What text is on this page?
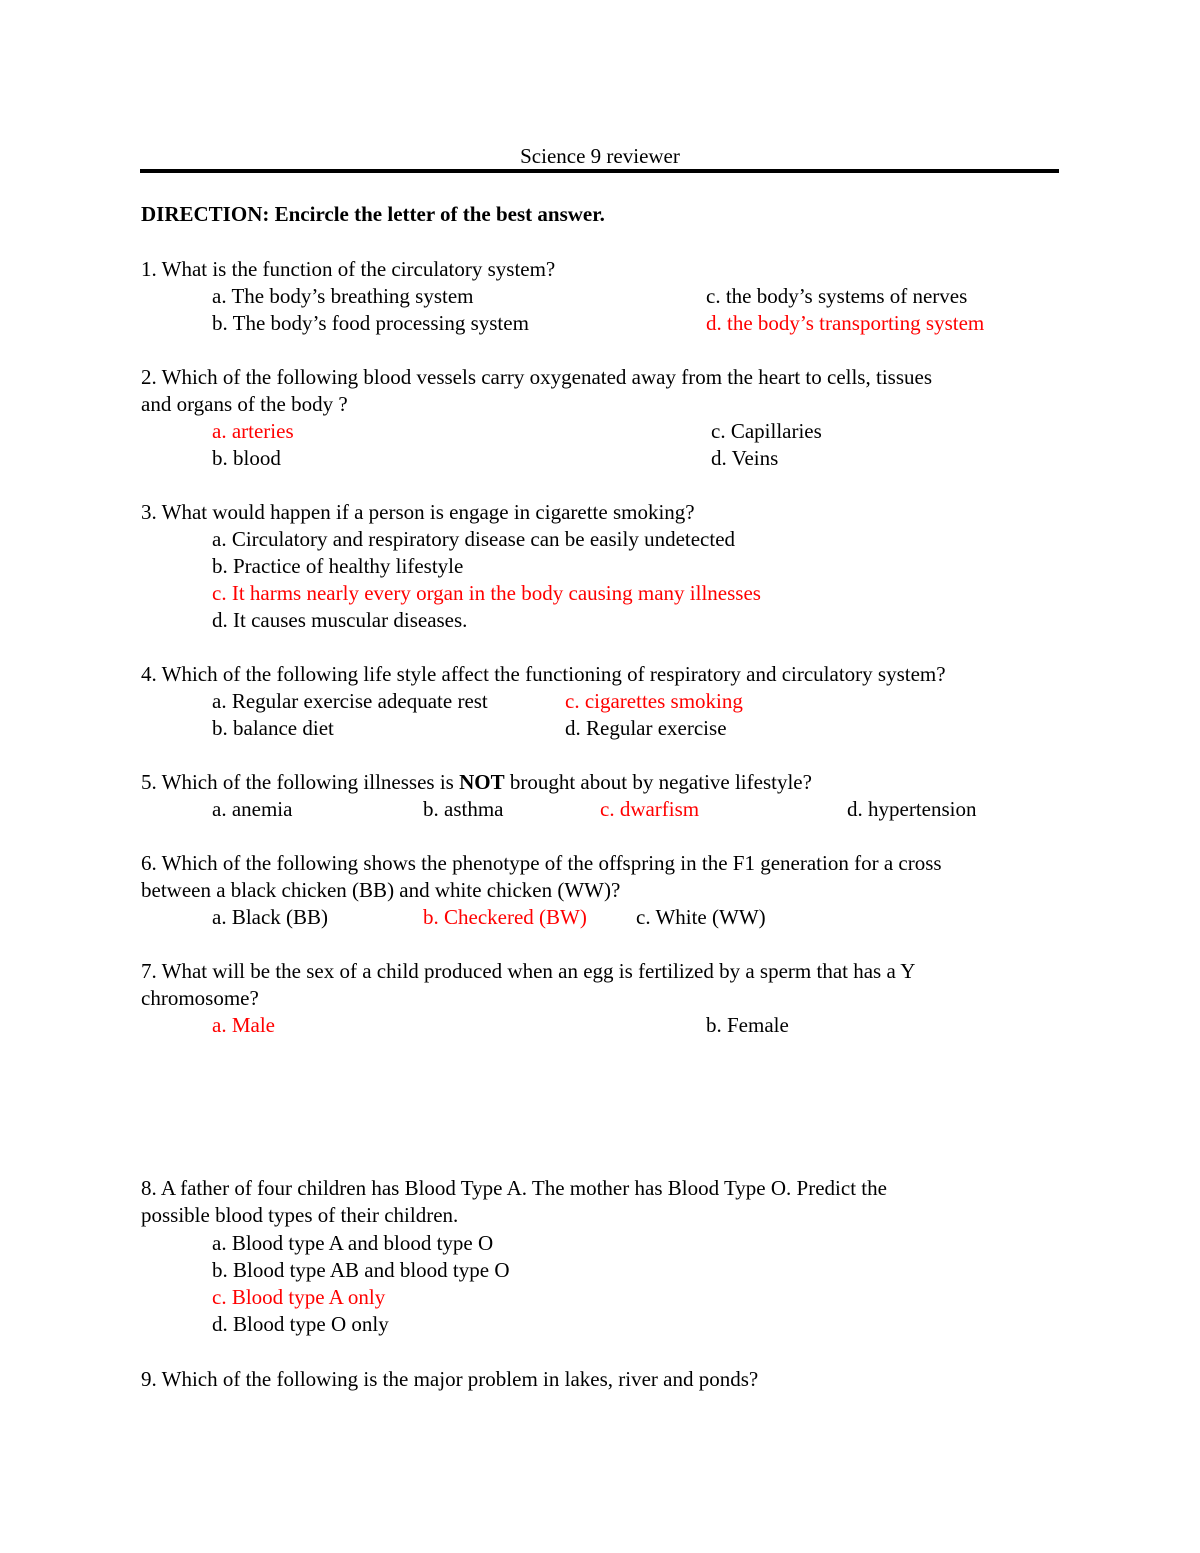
Science 9 reviewer
DIRECTION: Encircle the letter of the best answer.
1. What is the function of the circulatory system?
a. The body’s breathing system	c. the body’s systems of nerves
b. The body’s food processing system	d. the body’s transporting system
2. Which of the following blood vessels carry oxygenated away from the heart to cells, tissues
and organs of the body ?
a. arteries	c. Capillaries
b. blood	d. Veins
3. What would happen if a person is engage in cigarette smoking?
a. Circulatory and respiratory disease can be easily undetected
b. Practice of healthy lifestyle
c. It harms nearly every organ in the body causing many illnesses
d. It causes muscular diseases.
4. Which of the following life style affect the functioning of respiratory and circulatory system?
a. Regular exercise adequate rest	c. cigarettes smoking
b. balance diet	d. Regular exercise
5. Which of the following illnesses is NOT brought about by negative lifestyle?
a. anemia	b. asthma	c. dwarfism	d. hypertension
6. Which of the following shows the phenotype of the offspring in the F1 generation for a cross
between a black chicken (BB) and white chicken (WW)?
a. Black (BB)	b. Checkered (BW) c. White (WW)
7. What will be the sex of a child produced when an egg is fertilized by a sperm that has a Y
chromosome?
a. Male	b. Female
8. A father of four children has Blood Type A. The mother has Blood Type O. Predict the
possible blood types of their children.
a. Blood type A and blood type O
b. Blood type AB and blood type O
c. Blood type A only
d. Blood type O only
9. Which of the following is the major problem in lakes, river and ponds?
